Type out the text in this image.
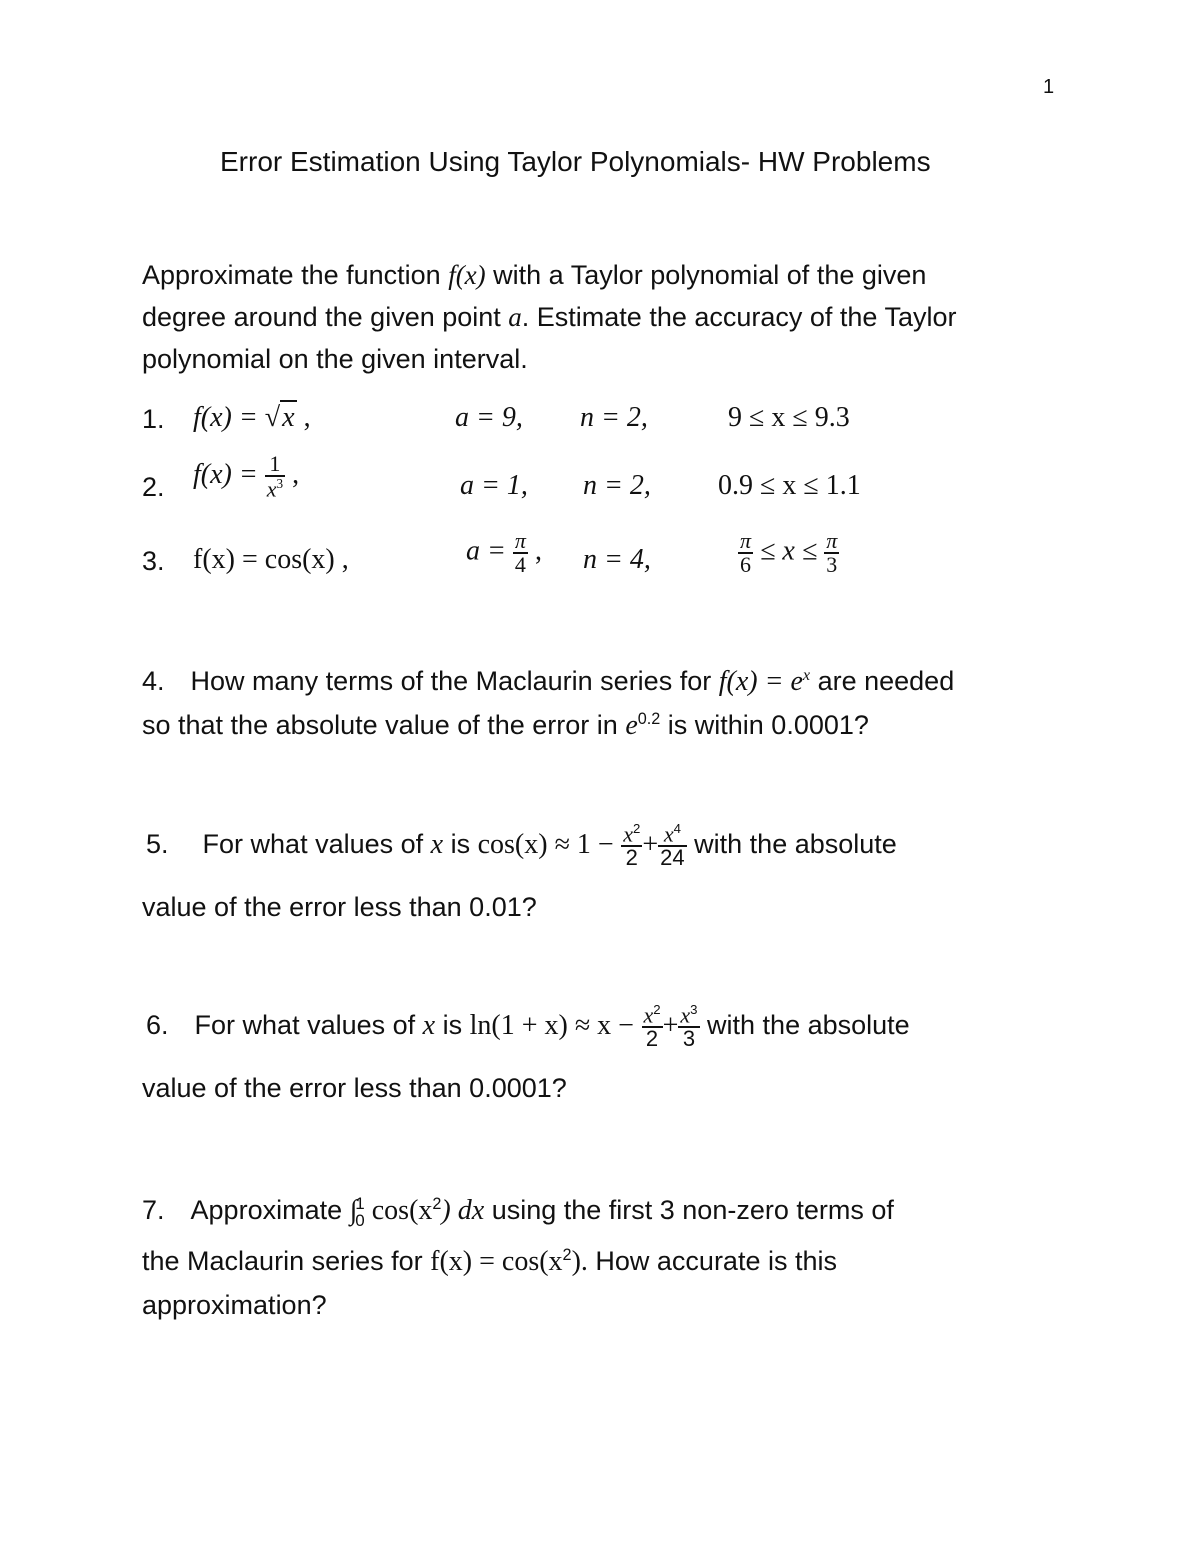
1
Error Estimation Using Taylor Polynomials- HW Problems
Approximate the function f(x) with a Taylor polynomial of the given
degree around the given point a. Estimate the accuracy of the Taylor
polynomial on the given interval.
1. f(x) = √x ,	a = 9, n = 2,	9 ≤ x ≤ 9.3
2. $f(x) = \frac{1}{x^3}$ ,	a = 1, n = 2, 0.9 ≤ x ≤ 1.1
3. f(x) = cos(x) ,	$a = \frac{\pi}{4}$ , n = 4,	$\frac{\pi}{6} \le x \le \frac{\pi}{3}$
4. How many terms of the Maclaurin series for $f(x) = e^x$ are needed
so that the absolute value of the error in $e^{0.2}$ is within 0.0001?
5. For what values of x is $\cos(x) \approx 1 - \frac{x^2}{2} + \frac{x^4}{24}$ with the absolute
value of the error less than 0.01?
6. For what values of x is $\ln(1 + x) \approx x - \frac{x^2}{2} + \frac{x^3}{3}$ with the absolute
value of the error less than 0.0001?
7. Approximate ∫
1
0 $\cos(x^2)$ dx using the first 3 non-zero terms of
the Maclaurin series for $f(x) = \cos(x^2)$. How accurate is this
approximation?
